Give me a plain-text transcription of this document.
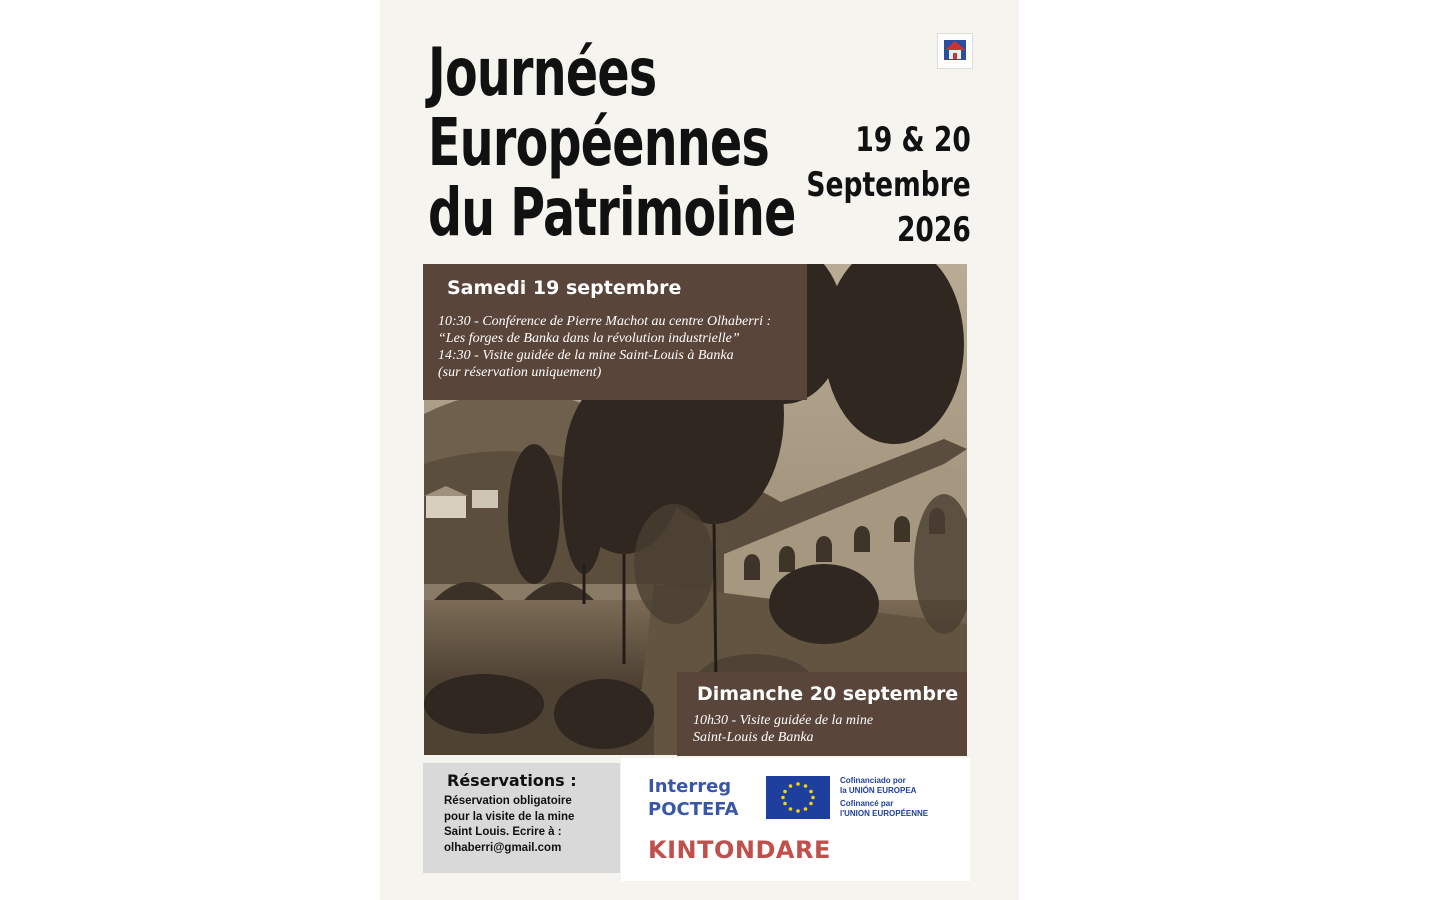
Journées
Européennes
du Patrimoine
19 & 20
Septembre
2026
Samedi 19 septembre
10:30 - Conférence de Pierre Machot au centre Olhaberri :
“Les forges de Banka dans la révolution industrielle”
14:30 - Visite guidée de la mine Saint-Louis à Banka
(sur réservation uniquement)
Dimanche 20 septembre
10h30 - Visite guidée de la mine
Saint-Louis de Banka
Réservations :
Réservation obligatoire
pour la visite de la mine
Saint Louis. Ecrire à :
olhaberri@gmail.com
Interreg
POCTEFA
Cofinanciado por
la UNIÓN EUROPEA
Cofinancé par
l'UNION EUROPÉENNE
KINTONDARE
